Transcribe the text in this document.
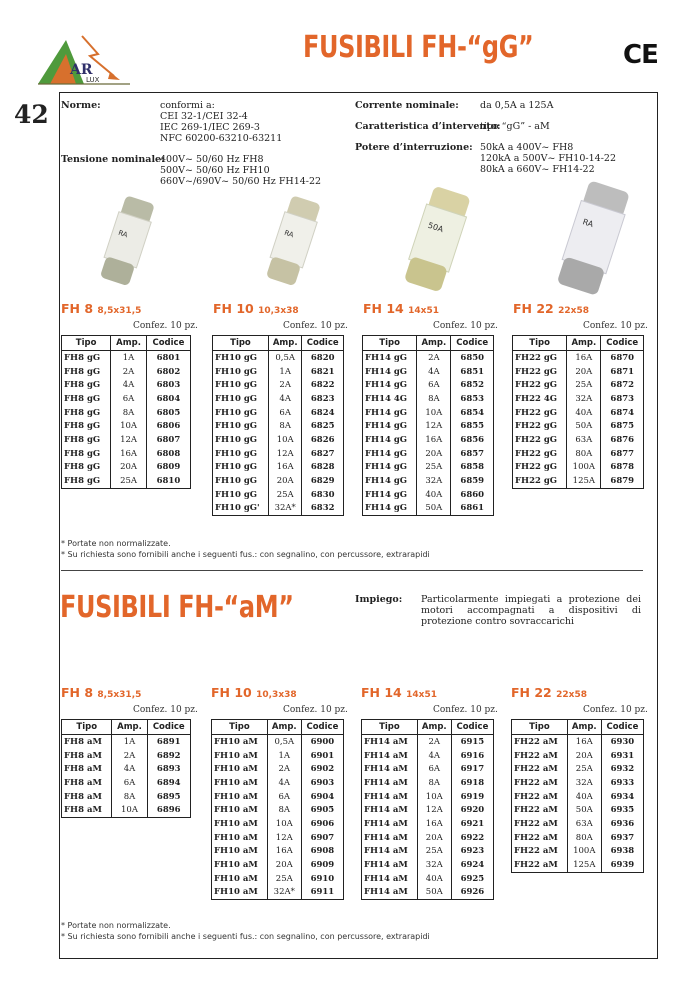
AR
LUX
42
FUSIBILI FH-“gG”	CE
Norme:	conformi a:
CEI 32-1/CEI 32-4
IEC 269-1/IEC 269-3
NFC 60200-63210-63211
Tensione nominale:
400V~ 50/60 Hz FH8
500V~ 50/60 Hz FH10
660V~/690V~ 50/60 Hz FH14-22
Corrente nominale: da 0,5A a 125A
Caratteristica d’intervento:
tipo “gG” - aM
Potere d’interruzione: 50kA a 400V~ FH8
120kA a 500V~ FH10-14-22
80kA a 660V~ FH14-22
RA	RA	50A	RA
FH 8 8,5x31,5	FH 10 10,3x38	FH 14 14x51	FH 22 22x58
Confez. 10 pz.	Confez. 10 pz.	Confez. 10 pz.	Confez. 10 pz.
Tipo	Amp.	Codice
FH8 gG	1A	6801
FH8 gG	2A	6802
FH8 gG	4A	6803
FH8 gG	6A	6804
FH8 gG	8A	6805
FH8 gG	10A	6806
FH8 gG	12A	6807
FH8 gG	16A	6808
FH8 gG	20A	6809
FH8 gG	25A	6810
Tipo	Amp.	Codice
FH10 gG	0,5A	6820
FH10 gG	1A	6821
FH10 gG	2A	6822
FH10 gG	4A	6823
FH10 gG	6A	6824
FH10 gG	8A	6825
FH10 gG	10A	6826
FH10 gG	12A	6827
FH10 gG	16A	6828
FH10 gG	20A	6829
FH10 gG	25A	6830
FH10 gG'	32A*	6832
Tipo	Amp.	Codice
FH14 gG	2A	6850
FH14 gG	4A	6851
FH14 gG	6A	6852
FH14 4G	8A	6853
FH14 gG	10A	6854
FH14 gG	12A	6855
FH14 gG	16A	6856
FH14 gG	20A	6857
FH14 gG	25A	6858
FH14 gG	32A	6859
FH14 gG	40A	6860
FH14 gG	50A	6861
Tipo	Amp.	Codice
FH22 gG	16A	6870
FH22 gG	20A	6871
FH22 gG	25A	6872
FH22 4G	32A	6873
FH22 gG	40A	6874
FH22 gG	50A	6875
FH22 gG	63A	6876
FH22 gG	80A	6877
FH22 gG	100A	6878
FH22 gG	125A	6879
* Portate non normalizzate.
* Su richiesta sono fornibili anche i seguenti fus.: con segnalino, con percussore, extrarapidi
FUSIBILI FH-“aM”	Impiego: Particolarmente impiegati a protezione dei motori accompagnati a dispositivi di protezione contro sovraccarichi
FH 8 8,5x31,5	FH 10 10,3x38	FH 14 14x51	FH 22 22x58
Confez. 10 pz.	Confez. 10 pz.	Confez. 10 pz.	Confez. 10 pz.
Tipo	Amp.	Codice
FH8 aM	1A	6891
FH8 aM	2A	6892
FH8 aM	4A	6893
FH8 aM	6A	6894
FH8 aM	8A	6895
FH8 aM	10A	6896
Tipo	Amp.	Codice
FH10 aM	0,5A	6900
FH10 aM	1A	6901
FH10 aM	2A	6902
FH10 aM	4A	6903
FH10 aM	6A	6904
FH10 aM	8A	6905
FH10 aM	10A	6906
FH10 aM	12A	6907
FH10 aM	16A	6908
FH10 aM	20A	6909
FH10 aM	25A	6910
FH10 aM	32A*	6911
Tipo	Amp.	Codice
FH14 aM	2A	6915
FH14 aM	4A	6916
FH14 aM	6A	6917
FH14 aM	8A	6918
FH14 aM	10A	6919
FH14 aM	12A	6920
FH14 aM	16A	6921
FH14 aM	20A	6922
FH14 aM	25A	6923
FH14 aM	32A	6924
FH14 aM	40A	6925
FH14 aM	50A	6926
Tipo	Amp.	Codice
FH22 aM	16A	6930
FH22 aM	20A	6931
FH22 aM	25A	6932
FH22 aM	32A	6933
FH22 aM	40A	6934
FH22 aM	50A	6935
FH22 aM	63A	6936
FH22 aM	80A	6937
FH22 aM	100A	6938
FH22 aM	125A	6939
* Portate non normalizzate.
* Su richiesta sono fornibili anche i seguenti fus.: con segnalino, con percussore, extrarapidi
